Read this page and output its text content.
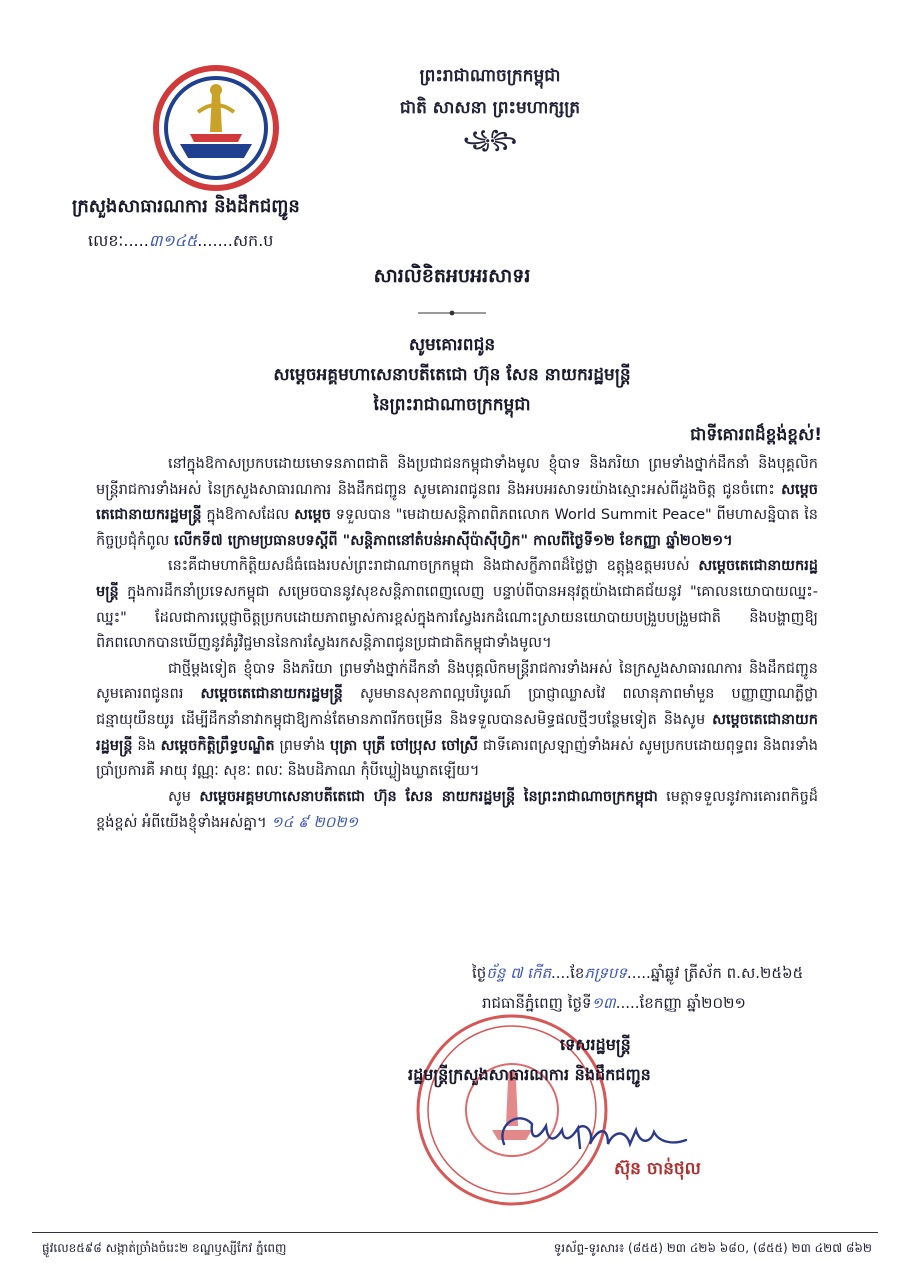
ព្រះរាជាណាចក្រកម្ពុជា
ជាតិ សាសនា ព្រះមហាក្សត្រ
꧁꧂
ក្រសួងសាធារណការ និងដឹកជញ្ជូន
លេខៈ.....៣១៤៥.......សក.ប
សារលិខិតអបអរសាទរ
សូមគោរពជូន
សម្តេចអគ្គមហាសេនាបតីតេជោ ហ៊ុន សែន នាយករដ្ឋមន្ត្រី
នៃព្រះរាជាណាចក្រកម្ពុជា
ជាទីគោរពដ៏ខ្ពង់ខ្ពស់!

នៅក្នុងឱកាសប្រកបដោយមោទនភាពជាតិ និងប្រជាជនកម្ពុជាទាំងមូល ខ្ញុំបាទ និងភរិយា ព្រមទាំងថ្នាក់ដឹកនាំ និងបុគ្គលិកមន្ត្រីរាជការទាំងអស់ នៃក្រសួងសាធារណការ និងដឹកជញ្ជូន សូមគោរពជូនពរ និងអបអរសាទរយ៉ាងស្មោះអស់ពីដួងចិត្ត ជូនចំពោះ សម្តេចតេជោនាយករដ្ឋមន្ត្រី ក្នុងឱកាសដែល សម្តេច ទទួលបាន "មេដាយសន្តិភាពពិភពលោក World Summit Peace" ពីមហាសន្និបាត នៃកិច្ចប្រជុំកំពូល លើកទី៧ ក្រោមប្រធានបទស្តីពី "សន្តិភាពនៅតំបន់អាស៊ីប៉ាស៊ីហ្វិក" កាលពីថ្ងៃទី១២ ខែកញ្ញា ឆ្នាំ២០២១។

នេះគឺជាមហាកិត្តិយសដ៏ធំធេងរបស់ព្រះរាជាណាចក្រកម្ពុជា និងជាសក្ខីភាពដ៏ថ្លៃថ្លា ឧត្តុង្គឧត្តមរបស់ សម្តេចតេជោនាយករដ្ឋមន្ត្រី ក្នុងការដឹកនាំប្រទេសកម្ពុជា សម្រេចបាននូវសុខសន្តិភាពពេញលេញ បន្ទាប់ពីបានអនុវត្តយ៉ាងជោគជ័យនូវ "គោលនយោបាយឈ្នះ-ឈ្នះ" ដែលជាការប្តេជ្ញាចិត្តប្រកបដោយភាពម្ចាស់ការខ្ពស់ក្នុងការស្វែងរកដំណោះស្រាយនយោបាយបង្រួបបង្រួមជាតិ និងបង្ហាញឱ្យពិភពលោកបានឃើញនូវគំរូវិជ្ជមាននៃការស្វែងរកសន្តិភាពជូនប្រជាជាតិកម្ពុជាទាំងមូល។

ជាថ្មីម្តងទៀត ខ្ញុំបាទ និងភរិយា ព្រមទាំងថ្នាក់ដឹកនាំ និងបុគ្គលិកមន្ត្រីរាជការទាំងអស់ នៃក្រសួងសាធារណការ និងដឹកជញ្ជូន សូមគោរពជូនពរ សម្តេចតេជោនាយករដ្ឋមន្ត្រី សូមមានសុខភាពល្អបរិបូរណ៍ ប្រាជ្ញាឈ្លាសវៃ ពលានុភាពមាំមួន បញ្ញាញាណភ្លឺថ្លា ជន្មាយុយឺនយូរ ដើម្បីដឹកនាំនាវាកម្ពុជាឱ្យកាន់តែមានភាពរីកចម្រើន និងទទួលបានសមិទ្ធផលថ្មីៗបន្ថែមទៀត និងសូម សម្តេចតេជោនាយករដ្ឋមន្ត្រី និង សម្តេចកិត្តិព្រឹទ្ធបណ្ឌិត ព្រមទាំង បុត្រា បុត្រី ចៅប្រុស ចៅស្រី ជាទីគោរពស្រឡាញ់ទាំងអស់ សូមប្រកបដោយពុទ្ធពរ និងពរទាំងប្រាំប្រការគឺ អាយុ វណ្ណៈ សុខៈ ពលៈ និងបដិភាណ កុំបីឃ្លៀងឃ្លាតឡើយ។

សូម សម្តេចអគ្គមហាសេនាបតីតេជោ ហ៊ុន សែន នាយករដ្ឋមន្ត្រី នៃព្រះរាជាណាចក្រកម្ពុជា មេត្តាទទួលនូវការគោរពកិច្ចដ៏ខ្ពង់ខ្ពស់ អំពីយើងខ្ញុំទាំងអស់គ្នា។ ១៤ ៩ ២០២១

ថ្ងៃច័ន្ទ ៧ កើត....ខែភទ្របទ.....ឆ្នាំឆ្លូវ ត្រីស័ក ព.ស.២៥៦៥
រាជធានីភ្នំពេញ ថ្ងៃទី១៣.....ខែកញ្ញា ឆ្នាំ២០២១
ទេសរដ្ឋមន្ត្រី
រដ្ឋមន្ត្រីក្រសួងសាធារណការ និងដឹកជញ្ជូន
ស៊ុន ចាន់ថុល
ផ្លូវលេខ៥៩៨ សង្កាត់ច្រាំងចំរេះ២ ខណ្ឌឫស្សីកែវ ភ្នំពេញ	ទូរស័ព្ទ-ទូរសារ៖ (៨៥៥) ២៣ ៤២៦ ៦៨០, (៨៥៥) ២៣ ៤២៧ ៨៦២
